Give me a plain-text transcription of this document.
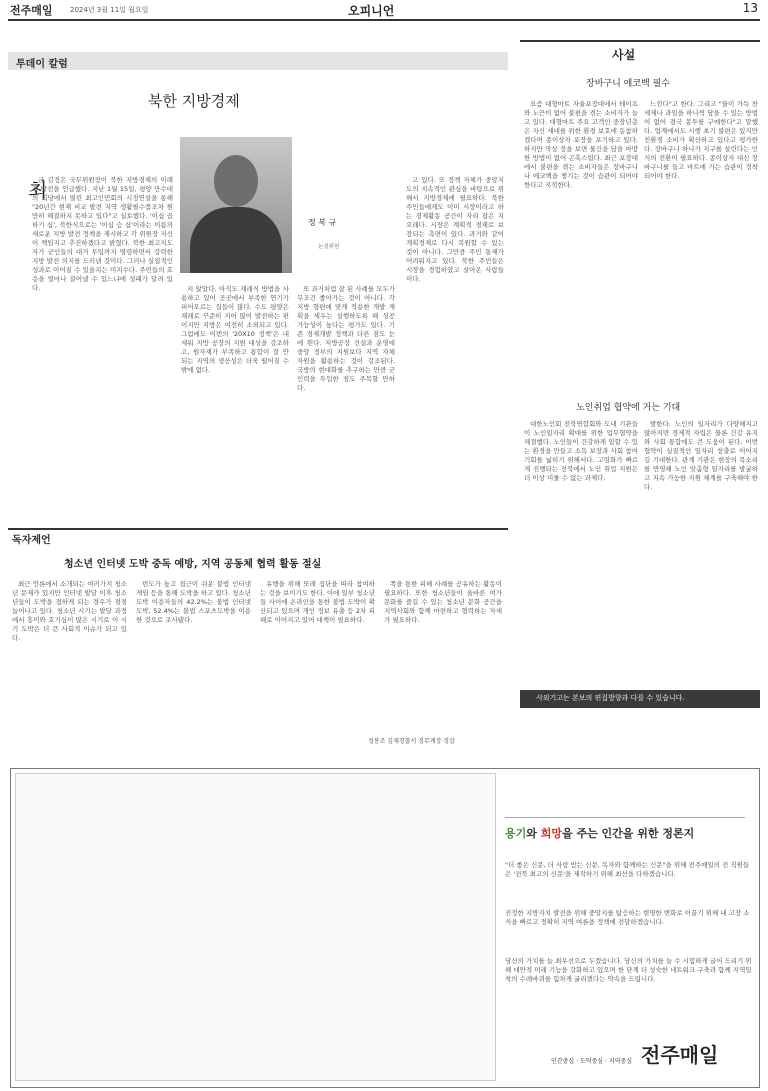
전주매일 2024년 3월 11일 월요일	오피니언	13
투데이 칼럼
북한 지방경제
정 복 규
논설위원
최

근 김정은 국무위원장이 북한 지방경제의 이례적 발전을 언급했다. 지난 1월 15일, 평양 만수대의 회당에서 열린 최고인민회의 시정연설을 통해 "20년간 현재 비교 발전 지역 생활필수품조차 원만히 해결하지 못하고 있다"고 실토했다. '이십 곱하기 십', 북한식으로는 '이십 승 십'이라는 이름의 새로운 지방 발전 정책을 제시하고 각 위원장 자신이 책임지고 추진하겠다고 밝혔다. 북한 최고지도자가 군인들의 대거 투입까지 명령하면서 강력한 지방 발전 의지를 드러낸 것이다. 그러나 실질적인 성과로 이어질 수 있을지는 미지수다. 주민들의 호응을 얼마나 끌어낼 수 있느냐에 성패가 달려 있다.	지 않았다. 아직도 재래식 방법을 사용하고 있어 곳곳에서 부족한 연기가 피어오르는 집들이 많다. 수도 평양은 재래로 꾸준히 지어 많이 발전하는 편이지만 지방은 여전히 소외되고 있다. 그럼에도 이번의 '20X10 정책'은 내세워 지방 공장의 지원 대상을 강조하고, 원자재가 부족하고 통합이 잘 안 되는 지역의 생산성은 더욱 떨어질 수밖에 없다.

또 과거처럼 잘 된 사례를 모두가 무조건 좋아가는 것이 아니다. 각 지방 형편에 맞게 적용한 개발 계획을 세우는 실행하도록 해 성공 가능성이 높다는 평가도 있다. 기존 경제개발 정책과 다른 점도 눈에 띈다. 지방공장 건설과 운영에 중앙 정부의 지원보다 지역 자체 자원을 활용하는 것이 강조된다. 국방의 현대화를 추구하는 만큼 군 인력을 투입한 점도 주목할 만하다.

고 있다. 또 정책 자체가 중앙지도의 지속적인 관심을 바탕으로 위해서 지방경제에 필요하다. 북한 주민들에게도 이미 시장이라고 하는 경제활동 공간이 자리 잡은 지 오래다. 시장은 계획적 경제로 보장되는 측면이 있다. 과거와 같이 계획경제로 다시 복원할 수 있는 것이 아니다. 그만큼 주민 통제가 어려워지고 있다. 북한 주민들은 시장을 경험하였고 살아온 사람들이다.

독자제언
청소년 인터넷 도박 중독 예방, 지역 공동체 협력 활동 절실

최근 언론에서 소개되는 여러가지 청소년 문제가 있지만 인터넷 발달 이후 청소년들이 도박을 접하게 되는 경우가 점점 늘어나고 있다. 청소년 시기는 발달 과정에서 흥미와 호기심이 많은 시기로 이 시기 도박은 더 큰 사회적 이슈가 되고 있다.

빈도가 높고 접근이 쉬운 불법 인터넷 게임 등을 통해 도박을 하고 있다. 청소년 도박 이용자들의 42.2%는 불법 인터넷 도박, 52.4%는 불법 스포츠도박을 이용한 것으로 조사됐다.

유행을 위해 또래 집단을 따라 참여하는 것을 보이기도 한다. 이에 일부 청소년들 사이에 온라인을 통한 불법 도박이 확산되고 있으며 개인 정보 유출 등 2차 피해로 이어지고 있어 대책이 필요하다.

쪽을 통한 피해 사례를 공유하는 활동이 필요하다. 또한 청소년들이 올바른 여가 문화를 즐길 수 있는 청소년 문화 공간을 지역사회와 함께 마련하고 협력하는 자세가 필요하다.

정봉조 김제경찰서 경무계장 경감
사설
장바구니 에코백 필수

요즘 대형마트 자율포장대에서 테이프와 노끈이 없어 불편을 겪는 소비자가 늘고 있다. 대형마트 주요 고객인 중장년층은 자신 세대를 위한 환경 보호에 동참하겠다며 종이상자 포장을 포기하고 있다. 하지만 막상 장을 보면 물건을 담을 마땅한 방법이 없어 곤혹스럽다. 최근 포장대에서 불편을 겪는 소비자들은 장바구니나 에코백을 챙기는 것이 습관이 되어야 한다고 지적한다.

느낀다"고 한다. 그리고 "물이 가득 찬 세제나 과일을 하나씩 담을 수 있는 방법이 없어 결국 봉투를 구매한다"고 말했다. 업계에서도 시행 초기 불편은 있지만 친환경 소비가 확산하고 있다고 평가한다. 장바구니 하나가 지구를 살린다는 인식의 전환이 필요하다. 종이상자 대신 장바구니를 들고 마트에 가는 습관이 정착되어야 한다.

노인취업 협약에 거는 기대

대한노인회 전북연합회와 도내 기관들이 노인일자리 확대를 위한 업무협약을 체결했다. 노인들이 건강하게 일할 수 있는 환경을 만들고 소득 보장과 사회 참여 기회를 넓히기 위해서다. 고령화가 빠르게 진행되는 전북에서 노인 취업 지원은 더 이상 미룰 수 없는 과제다.

발한다. 노인의 일자리가 다양해지고 많아지면 경제적 자립은 물론 건강 유지와 사회 통합에도 큰 도움이 된다. 이번 협약이 실질적인 일자리 창출로 이어지길 기대한다. 관계 기관은 현장의 목소리를 반영해 노인 맞춤형 일자리를 발굴하고 지속 가능한 지원 체계를 구축해야 한다.

사외기고는 본보의 편집방향과 다를 수 있습니다.
용기와 희망을 주는 인간을 위한 정론지
"더 좋은 신문, 더 사랑 받는 신문, 독자와 함께하는 신문"을 위해 전주매일의 전 직원들은 '전북 최고의 신문'을 제작하기 위해 최선을 다하겠습니다.
진정한 지방자치 발전을 위해 중앙지를 탐승하는 현명한 변화로 이끌기 위해 내 고장 소식을 빠르고 정확히 지역 여론을 정책에 전달하겠습니다.
당신의 가치를 늘 최우선으로 두겠습니다. 당신의 가치를 늘 수 시험하게 굽어 드리기 위해 대안적 미래 기능을 강화하고 있으며 한 단계 더 성숙한 네트워크 구축과 함께 지역밀착의 수레바퀴를 힘차게 굴리겠다는 약속을 드립니다.
인간중심 · 도덕중심 · 지역중심 전주매일
